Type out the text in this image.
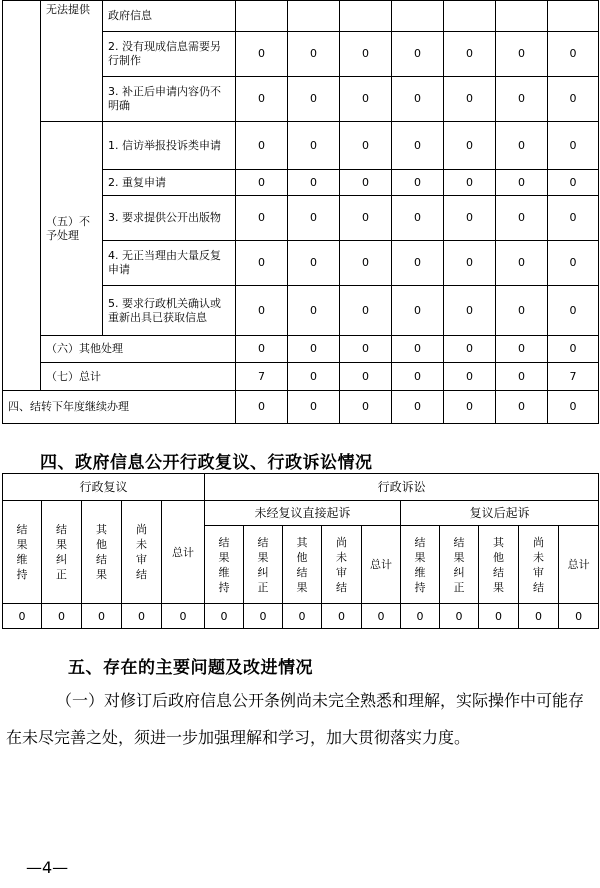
	无法提供	政府信息							
		2. 没有现成信息需要另行制作	0	0	0	0	0	0	0
		3. 补正后申请内容仍不明确	0	0	0	0	0	0	0
	（五）不予处理	1. 信访举报投诉类申请	0	0	0	0	0	0	0
		2. 重复申请	0	0	0	0	0	0	0
		3. 要求提供公开出版物	0	0	0	0	0	0	0
		4. 无正当理由大量反复申请	0	0	0	0	0	0	0
		5. 要求行政机关确认或重新出具已获取信息	0	0	0	0	0	0	0
	（六）其他处理		0	0	0	0	0	0	0
	（七）总计		7	0	0	0	0	0	7
四、结转下年度继续办理			0	0	0	0	0	0	0
四、政府信息公开行政复议、行政诉讼情况
行政复议					行政诉讼									
结果维持	结果纠正	其他结果	尚未审结	总计	未经复议直接起诉					复议后起诉				
					结果维持	结果纠正	其他结果	尚未审结	总计	结果维持	结果纠正	其他结果	尚未审结	总计
0	0	0	0	0	0	0	0	0	0	0	0	0	0	0
五、存在的主要问题及改进情况
（一）对修订后政府信息公开条例尚未完全熟悉和理解，实际操作中可能存在未尽完善之处，须进一步加强理解和学习，加大贯彻落实力度。
—4—
